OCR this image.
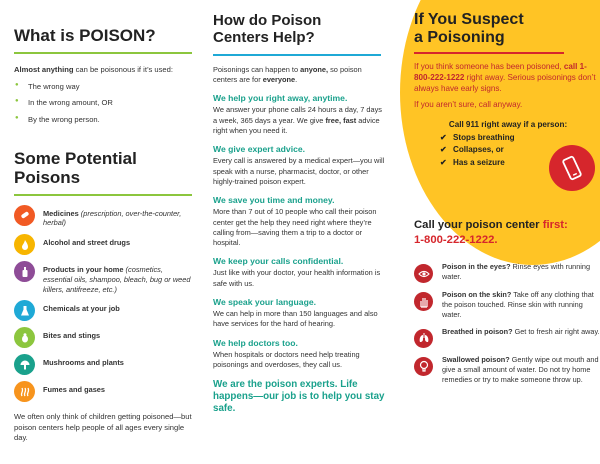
What is POISON?

Almost anything can be poisonous if it’s used:

● The wrong way
● In the wrong amount, OR
● By the wrong person.
Some Potential Poisons
Medicines (prescription, over-the-counter, herbal)
Alcohol and street drugs
Products in your home (cosmetics, essential oils, shampoo, bleach, bug or weed killers, antifreeze, etc.)
Chemicals at your job
Bites and stings
Mushrooms and plants
Fumes and gases

We often only think of children getting poisoned—but poison centers help people of all ages every single day.

How do Poison
Centers Help?

Poisonings can happen to anyone, so poison centers are for everyone.

We help you right away, anytime.

We answer your phone calls 24 hours a day, 7 days a week, 365 days a year. We give free, fast advice right when you need it.

We give expert advice.

Every call is answered by a medical expert—you will speak with a nurse, pharmacist, doctor, or other highly-trained poison expert.

We save you time and money.

More than 7 out of 10 people who call their poison center get the help they need right where they’re calling from—saving them a trip to a doctor or hospital.

We keep your calls confidential.

Just like with your doctor, your health information is safe with us.

We speak your language.

We can help in more than 150 languages and also have services for the hard of hearing.

We help doctors too.

When hospitals or doctors need help treating poisonings and overdoses, they call us.

We are the poison experts. Life happens—our job is to help you stay safe.

If You Suspect
a Poisoning

If you think someone has been poisoned, call 1-800-222-1222 right away. Serious poisonings don’t always have early signs.

If you aren’t sure, call anyway.

Call 911 right away if a person:
✔ Stops breathing
✔ Collapses, or
✔ Has a seizure
Call your poison center first:
1-800-222-1222.
Poison in the eyes? Rinse eyes with running water.
Poison on the skin? Take off any clothing that the poison touched. Rinse skin with running water.
Breathed in poison? Get to fresh air right away.
Swallowed poison? Gently wipe out mouth and give a small amount of water. Do not try home remedies or try to make someone throw up.
